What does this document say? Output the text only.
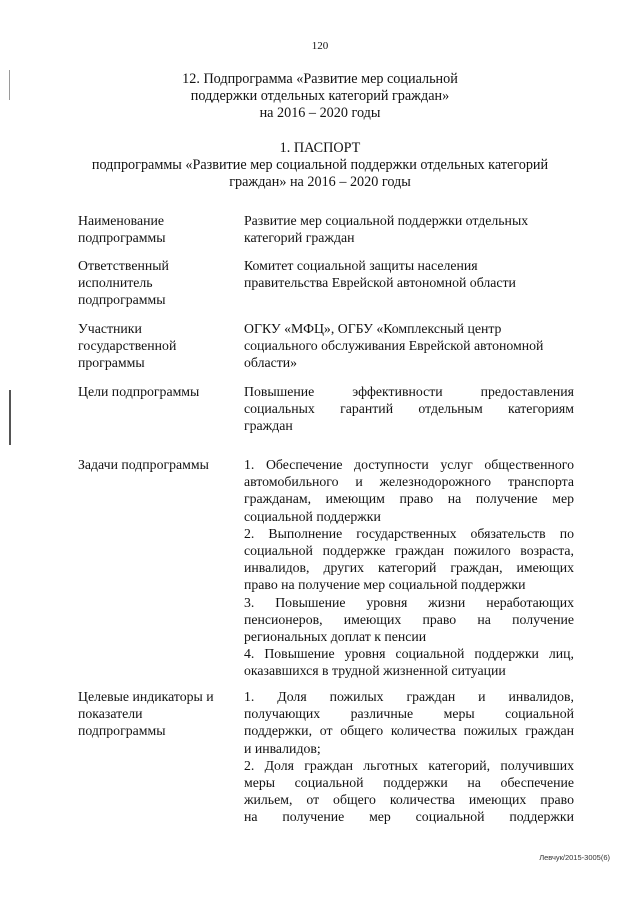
120
12. Подпрограмма «Развитие мер социальной
поддержки отдельных категорий граждан»
на 2016 – 2020 годы
1. ПАСПОРТ
подпрограммы «Развитие мер социальной поддержки отдельных категорий
граждан» на 2016 – 2020 годы
Наименование
подпрограммы
Развитие мер социальной поддержки отдельных
категорий граждан
Ответственный
исполнитель
подпрограммы
Комитет социальной защиты населения
правительства Еврейской автономной области
Участники
государственной
программы
ОГКУ «МФЦ», ОГБУ «Комплексный центр
социального обслуживания Еврейской автономной
области»
Цели подпрограммы	Повышение эффективности предоставления
социальных гарантий отдельным категориям
граждан
Задачи подпрограммы	1. Обеспечение доступности услуг общественного
автомобильного и железнодорожного транспорта
гражданам, имеющим право на получение мер
социальной поддержки
2. Выполнение государственных обязательств по
социальной поддержке граждан пожилого возраста,
инвалидов, других категорий граждан, имеющих
право на получение мер социальной поддержки
3. Повышение уровня жизни неработающих
пенсионеров, имеющих право на получение
региональных доплат к пенсии
4. Повышение уровня социальной поддержки лиц,
оказавшихся в трудной жизненной ситуации
Целевые индикаторы и
показатели
подпрограммы
1. Доля пожилых граждан и инвалидов,
получающих различные меры социальной
поддержки, от общего количества пожилых граждан
и инвалидов;
2. Доля граждан льготных категорий, получивших
меры социальной поддержки на обеспечение
жильем, от общего количества имеющих право
на получение мер социальной поддержки
Левчук/2015-3005(6)
